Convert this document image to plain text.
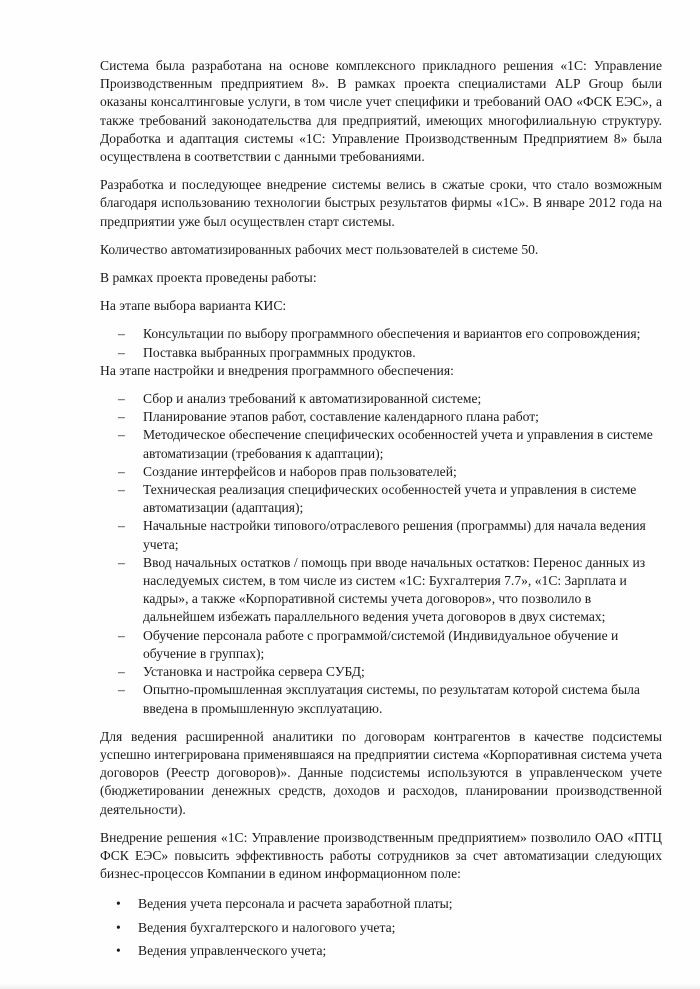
Система была разработана на основе комплексного прикладного решения «1С: Управление Производственным предприятием 8». В рамках проекта специалистами ALP Group были оказаны консалтинговые услуги, в том числе учет специфики и требований ОАО «ФСК ЕЭС», а также требований законодательства для предприятий, имеющих многофилиальную структуру. Доработка и адаптация системы «1С: Управление Производственным Предприятием 8» была осуществлена в соответствии с данными требованиями.

Разработка и последующее внедрение системы велись в сжатые сроки, что стало возможным благодаря использованию технологии быстрых результатов фирмы «1С». В январе 2012 года на предприятии уже был осуществлен старт системы.

Количество автоматизированных рабочих мест пользователей в системе 50.

В рамках проекта проведены работы:

На этапе выбора варианта КИС:

– Консультации по выбору программного обеспечения и вариантов его сопровождения;
– Поставка выбранных программных продуктов.

На этапе настройки и внедрения программного обеспечения:

– Сбор и анализ требований к автоматизированной системе;
– Планирование этапов работ, составление календарного плана работ;
– Методическое обеспечение специфических особенностей учета и управления в системе автоматизации (требования к адаптации);
– Создание интерфейсов и наборов прав пользователей;
– Техническая реализация специфических особенностей учета и управления в системе автоматизации (адаптация);
– Начальные настройки типового/отраслевого решения (программы) для начала ведения учета;
– Ввод начальных остатков / помощь при вводе начальных остатков: Перенос данных из наследуемых систем, в том числе из систем «1С: Бухгалтерия 7.7», «1С: Зарплата и кадры», а также «Корпоративной системы учета договоров», что позволило в дальнейшем избежать параллельного ведения учета договоров в двух системах;
– Обучение персонала работе с программой/системой (Индивидуальное обучение и обучение в группах);
– Установка и настройка сервера СУБД;
– Опытно-промышленная эксплуатация системы, по результатам которой система была введена в промышленную эксплуатацию.

Для ведения расширенной аналитики по договорам контрагентов в качестве подсистемы успешно интегрирована применявшаяся на предприятии система «Корпоративная система учета договоров (Реестр договоров)». Данные подсистемы используются в управленческом учете (бюджетировании денежных средств, доходов и расходов, планировании производственной деятельности).

Внедрение решения «1С: Управление производственным предприятием» позволило ОАО «ПТЦ ФСК ЕЭС» повысить эффективность работы сотрудников за счет автоматизации следующих бизнес-процессов Компании в едином информационном поле:

• Ведения учета персонала и расчета заработной платы;
• Ведения бухгалтерского и налогового учета;
• Ведения управленческого учета;
